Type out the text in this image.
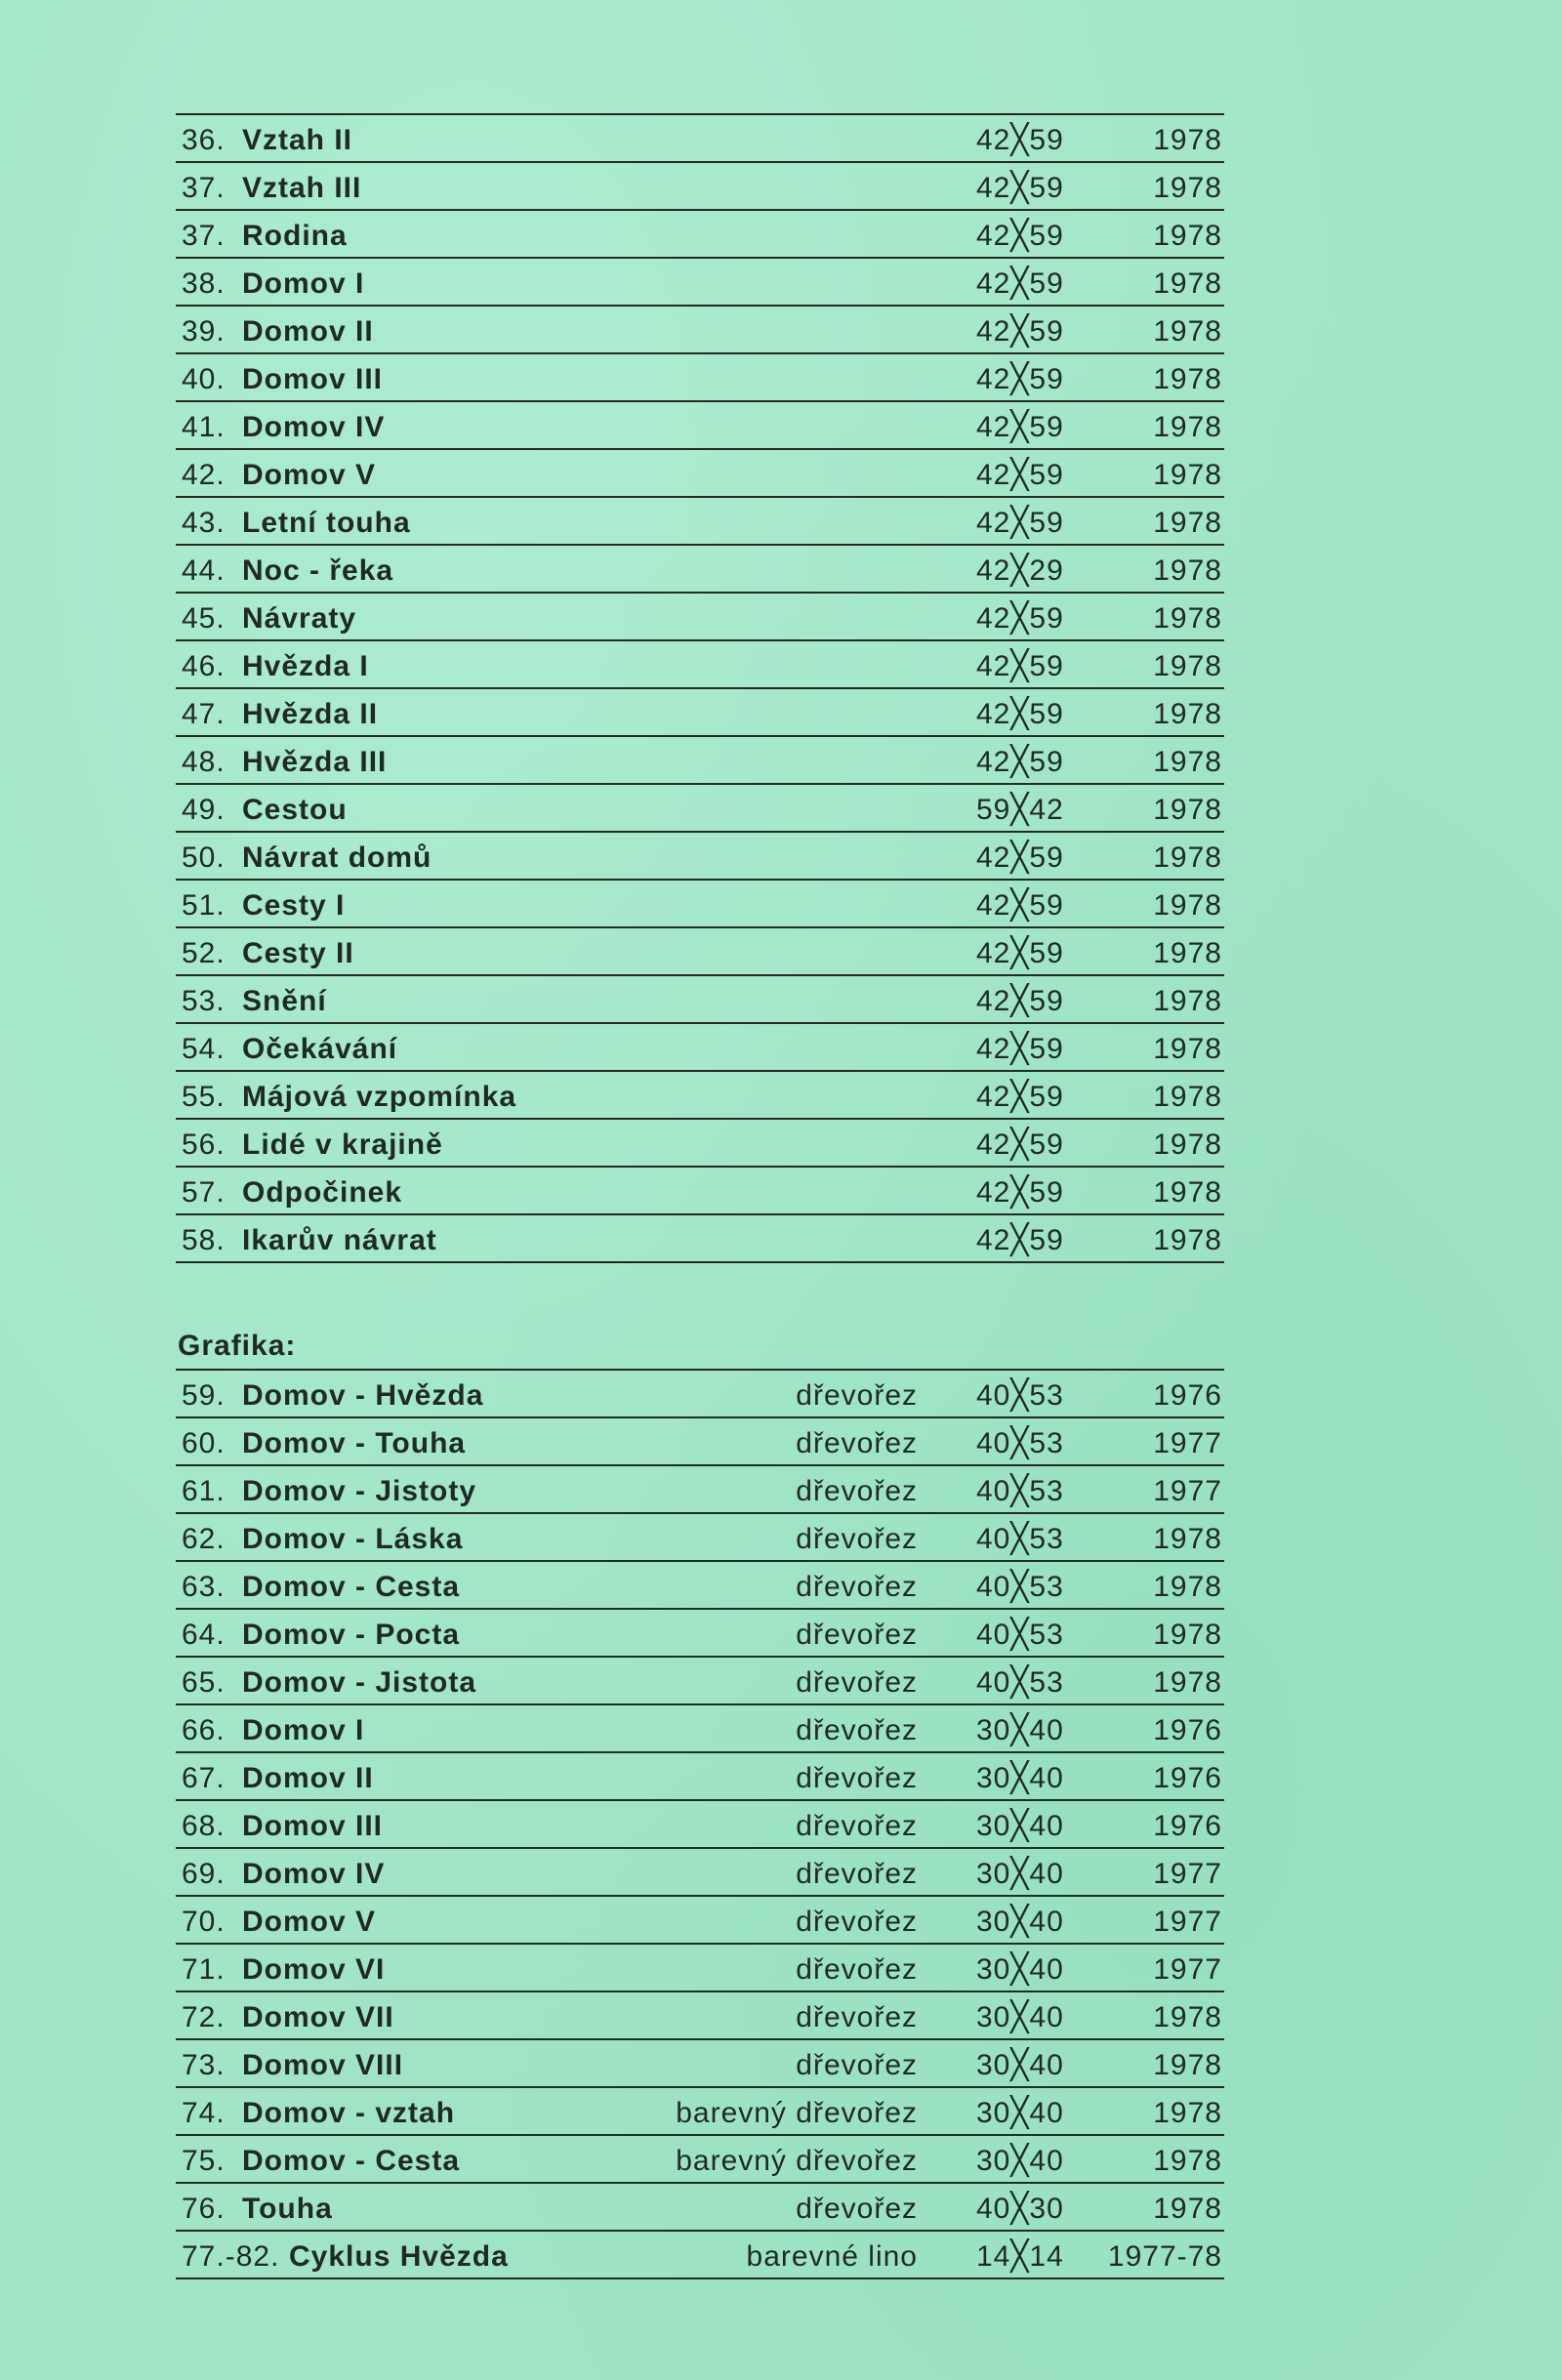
36. Vztah II	42╳59	1978
37. Vztah III	42╳59	1978
37. Rodina	42╳59	1978
38. Domov I	42╳59	1978
39. Domov II	42╳59	1978
40. Domov III	42╳59	1978
41. Domov IV	42╳59	1978
42. Domov V	42╳59	1978
43. Letní touha	42╳59	1978
44. Noc - řeka	42╳29	1978
45. Návraty	42╳59	1978
46. Hvězda I	42╳59	1978
47. Hvězda II	42╳59	1978
48. Hvězda III	42╳59	1978
49. Cestou	59╳42	1978
50. Návrat domů	42╳59	1978
51. Cesty I	42╳59	1978
52. Cesty II	42╳59	1978
53. Snění	42╳59	1978
54. Očekávání	42╳59	1978
55. Májová vzpomínka	42╳59	1978
56. Lidé v krajině	42╳59	1978
57. Odpočinek	42╳59	1978
58. Ikarův návrat	42╳59	1978
Grafika:
59. Domov - Hvězda	dřevořez 40╳53	1976
60. Domov - Touha	dřevořez 40╳53	1977
61. Domov - Jistoty	dřevořez 40╳53	1977
62. Domov - Láska	dřevořez 40╳53	1978
63. Domov - Cesta	dřevořez 40╳53	1978
64. Domov - Pocta	dřevořez 40╳53	1978
65. Domov - Jistota	dřevořez 40╳53	1978
66. Domov I	dřevořez 30╳40	1976
67. Domov II	dřevořez 30╳40	1976
68. Domov III	dřevořez 30╳40	1976
69. Domov IV	dřevořez 30╳40	1977
70. Domov V	dřevořez 30╳40	1977
71. Domov VI	dřevořez 30╳40	1977
72. Domov VII	dřevořez 30╳40	1978
73. Domov VIII	dřevořez 30╳40	1978
74. Domov - vztah	barevný dřevořez 30╳40	1978
75. Domov - Cesta	barevný dřevořez 30╳40	1978
76. Touha	dřevořez 40╳30	1978
77.-82. Cyklus Hvězda	barevné lino 14╳14	1977-78
